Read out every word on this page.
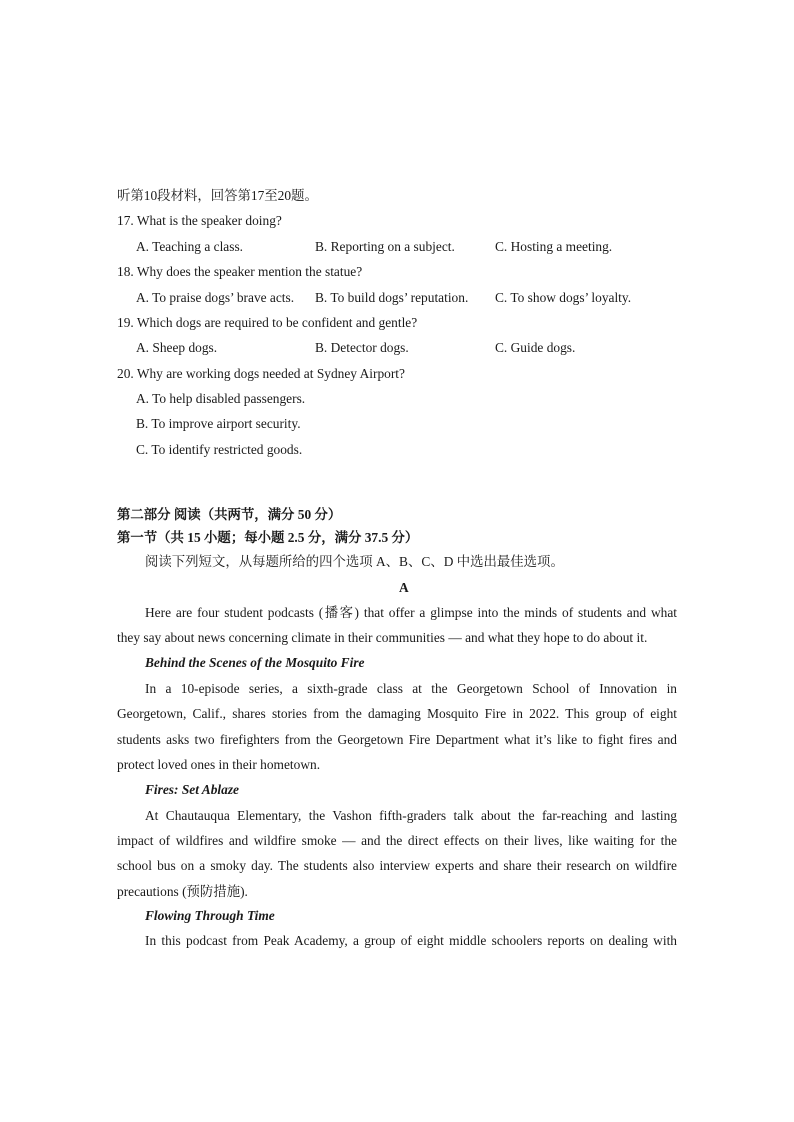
听第10段材料，回答第17至20题。
17. What is the speaker doing?
A. Teaching a class.	B. Reporting on a subject.	C. Hosting a meeting.
18. Why does the speaker mention the statue?
A. To praise dogs’ brave acts. B. To build dogs’ reputation. C. To show dogs’ loyalty.
19. Which dogs are required to be confident and gentle?
A. Sheep dogs.	B. Detector dogs.	C. Guide dogs.
20. Why are working dogs needed at Sydney Airport?
A. To help disabled passengers.
B. To improve airport security.
C. To identify restricted goods.
第二部分 阅读（共两节，满分 50 分）
第一节（共 15 小题；每小题 2.5 分，满分 37.5 分）
阅读下列短文，从每题所给的四个选项 A、B、C、D 中选出最佳选项。
A
Here are four student podcasts (播客) that offer a glimpse into the minds of students and what
they say about news concerning climate in their communities — and what they hope to do about it.
Behind the Scenes of the Mosquito Fire
In a 10-episode series, a sixth-grade class at the Georgetown School of Innovation in
Georgetown, Calif., shares stories from the damaging Mosquito Fire in 2022. This group of eight
students asks two firefighters from the Georgetown Fire Department what it’s like to fight fires and
protect loved ones in their hometown.
Fires: Set Ablaze
At Chautauqua Elementary, the Vashon fifth-graders talk about the far-reaching and lasting
impact of wildfires and wildfire smoke — and the direct effects on their lives, like waiting for the
school bus on a smoky day. The students also interview experts and share their research on wildfire
precautions (预防措施).
Flowing Through Time
In this podcast from Peak Academy, a group of eight middle schoolers reports on dealing with
